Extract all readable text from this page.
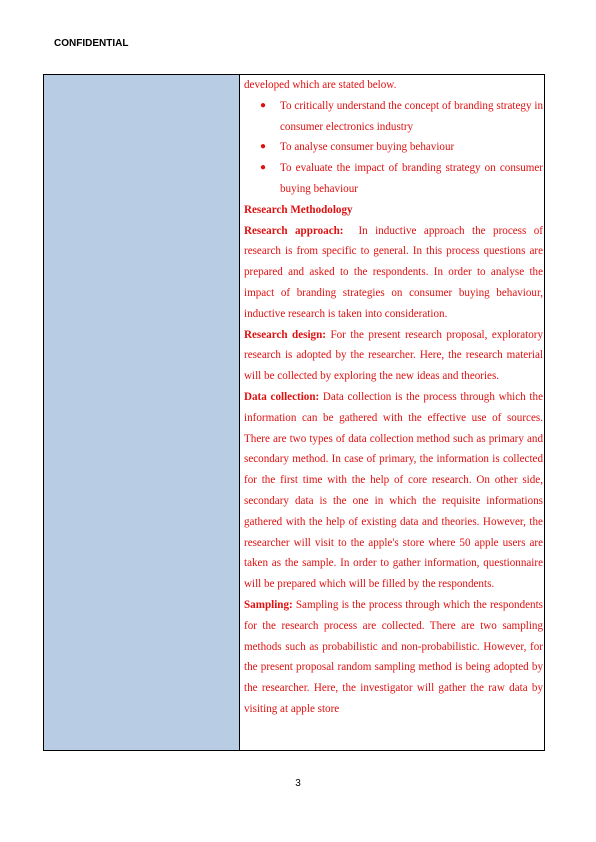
CONFIDENTIAL

developed which are stated below.

● To critically understand the concept of branding strategy in consumer electronics industry
● To analyse consumer buying behaviour
● To evaluate the impact of branding strategy on consumer buying behaviour

Research Methodology

Research approach: In inductive approach the process of research is from specific to general. In this process questions are prepared and asked to the respondents. In order to analyse the impact of branding strategies on consumer buying behaviour, inductive research is taken into consideration.

Research design: For the present research proposal, exploratory research is adopted by the researcher. Here, the research material will be collected by exploring the new ideas and theories.

Data collection: Data collection is the process through which the information can be gathered with the effective use of sources. There are two types of data collection method such as primary and secondary method. In case of primary, the information is collected for the first time with the help of core research. On other side, secondary data is the one in which the requisite informations gathered with the help of existing data and theories. However, the researcher will visit to the apple's store where 50 apple users are taken as the sample. In order to gather information, questionnaire will be prepared which will be filled by the respondents.

Sampling: Sampling is the process through which the respondents for the research process are collected. There are two sampling methods such as probabilistic and non-probabilistic. However, for the present proposal random sampling method is being adopted by the researcher. Here, the investigator will gather the raw data by visiting at apple store

3
